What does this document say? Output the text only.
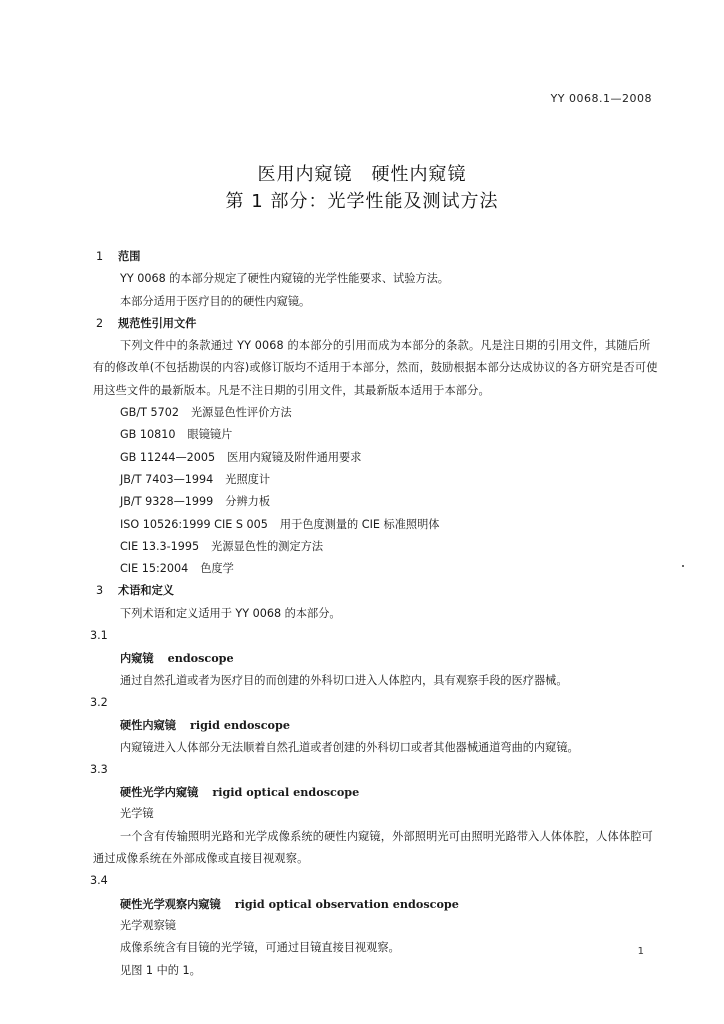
YY 0068.1—2008
医用内窥镜　硬性内窥镜
第 1 部分：光学性能及测试方法
1 范围
YY 0068 的本部分规定了硬性内窥镜的光学性能要求、试验方法。
本部分适用于医疗目的的硬性内窥镜。
2 规范性引用文件
下列文件中的条款通过 YY 0068 的本部分的引用而成为本部分的条款。凡是注日期的引用文件，其随后所有的修改单(不包括勘误的内容)或修订版均不适用于本部分，然而，鼓励根据本部分达成协议的各方研究是否可使用这些文件的最新版本。凡是不注日期的引用文件，其最新版本适用于本部分。
GB/T 5702 光源显色性评价方法
GB 10810 眼镜镜片
GB 11244—2005 医用内窥镜及附件通用要求
JB/T 7403—1994 光照度计
JB/T 9328—1999 分辨力板
ISO 10526:1999 CIE S 005 用于色度测量的 CIE 标准照明体
CIE 13.3-1995 光源显色性的测定方法
CIE 15:2004 色度学
3 术语和定义
下列术语和定义适用于 YY 0068 的本部分。
3.1
内窥镜 endoscope
通过自然孔道或者为医疗目的而创建的外科切口进入人体腔内，具有观察手段的医疗器械。
3.2
硬性内窥镜 rigid endoscope
内窥镜进入人体部分无法顺着自然孔道或者创建的外科切口或者其他器械通道弯曲的内窥镜。
3.3
硬性光学内窥镜 rigid optical endoscope
光学镜
一个含有传输照明光路和光学成像系统的硬性内窥镜，外部照明光可由照明光路带入人体体腔，人体体腔可通过成像系统在外部成像或直接目视观察。
3.4
硬性光学观察内窥镜 rigid optical observation endoscope
光学观察镜
成像系统含有目镜的光学镜，可通过目镜直接目视观察。
见图 1 中的 1。
1
